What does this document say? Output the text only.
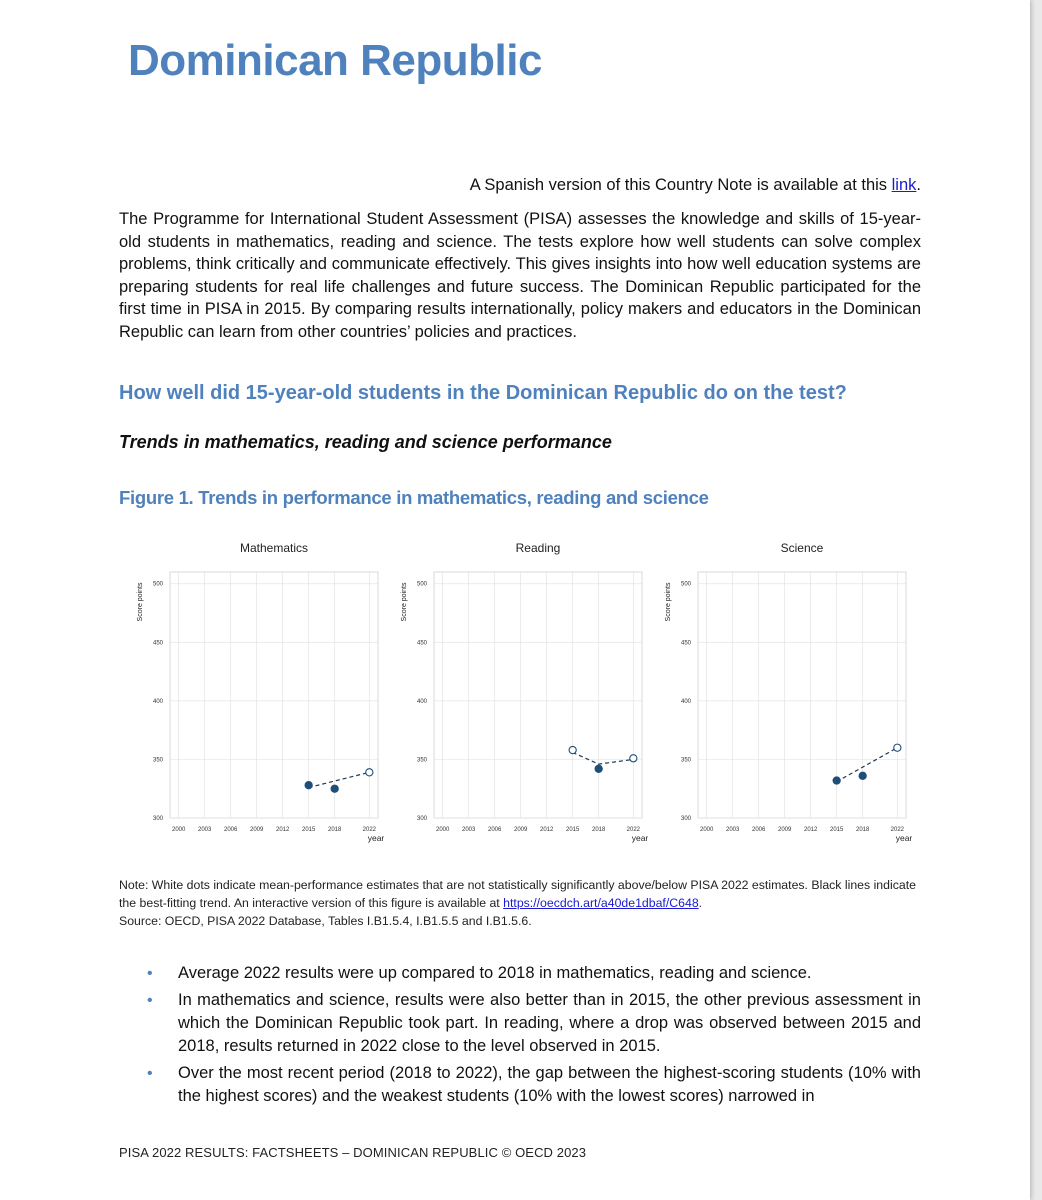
Dominican Republic
A Spanish version of this Country Note is available at this link.

The Programme for International Student Assessment (PISA) assesses the knowledge and skills of 15-year-old students in mathematics, reading and science. The tests explore how well students can solve complex problems, think critically and communicate effectively. This gives insights into how well education systems are preparing students for real life challenges and future success. The Dominican Republic participated for the first time in PISA in 2015. By comparing results internationally, policy makers and educators in the Dominican Republic can learn from other countries’ policies and practices.

How well did 15-year-old students in the Dominican Republic do on the test?
Trends in mathematics, reading and science performance
Figure 1. Trends in performance in mathematics, reading and science
Mathematics	Reading	Science
2000 2003 2006 2009 2012 2015 2018	2022
300
350
400
450
500
Score points
year
2000 2003 2006 2009 2012 2015 2018	2022
300
350
400
450
500
Score points
year
2000 2003 2006 2009 2012 2015 2018	2022
300
350
400
450
500
Score points
year

Note: White dots indicate mean-performance estimates that are not statistically significantly above/below PISA 2022 estimates. Black lines indicate the best-fitting trend. An interactive version of this figure is available at https://oecdch.art/a40de1dbaf/C648.
Source: OECD, PISA 2022 Database, Tables I.B1.5.4, I.B1.5.5 and I.B1.5.6.

• Average 2022 results were up compared to 2018 in mathematics, reading and science.
• In mathematics and science, results were also better than in 2015, the other previous assessment in which the Dominican Republic took part. In reading, where a drop was observed between 2015 and 2018, results returned in 2022 close to the level observed in 2015.
• Over the most recent period (2018 to 2022), the gap between the highest-scoring students (10% with the highest scores) and the weakest students (10% with the lowest scores) narrowed in
PISA 2022 RESULTS: FACTSHEETS – DOMINICAN REPUBLIC © OECD 2023
